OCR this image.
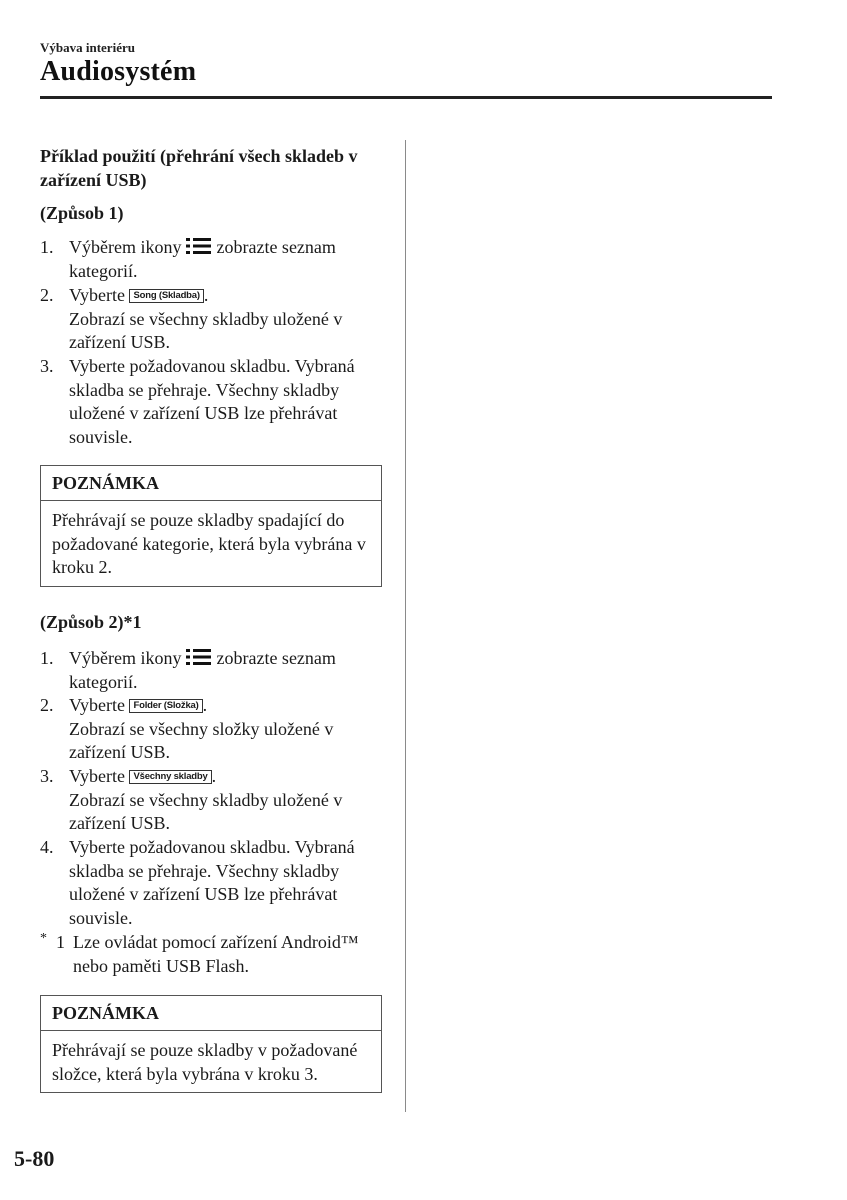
Výbava interiéru
Audiosystém
Příklad použití (přehrání všech skladeb v zařízení USB)
(Způsob 1)
1. Výběrem ikony zobrazte seznam kategorií.
2. Vyberte Song (Skladba) .
Zobrazí se všechny skladby uložené v zařízení USB.
3. Vyberte požadovanou skladbu. Vybraná skladba se přehraje. Všechny skladby uložené v zařízení USB lze přehrávat souvisle.
POZNÁMKA
Přehrávají se pouze skladby spadající do požadované kategorie, která byla vybrána v kroku 2.
(Způsob 2)*1
1. Výběrem ikony zobrazte seznam kategorií.
2. Vyberte Folder (Složka) .
Zobrazí se všechny složky uložené v zařízení USB.
3. Vyberte Všechny skladby .
Zobrazí se všechny skladby uložené v zařízení USB.
4. Vyberte požadovanou skladbu. Vybraná skladba se přehraje. Všechny skladby uložené v zařízení USB lze přehrávat souvisle.
* 1 Lze ovládat pomocí zařízení Android™ nebo paměti USB Flash.
POZNÁMKA
Přehrávají se pouze skladby v požadované složce, která byla vybrána v kroku 3.
5-80
